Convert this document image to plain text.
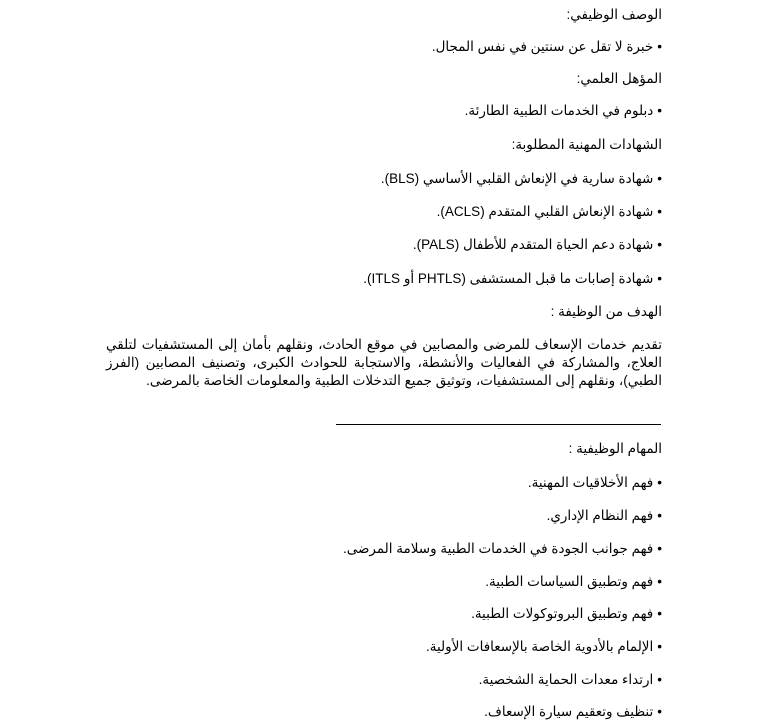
الوصف الوظيفي:
•خبرة لا تقل عن سنتين في نفس المجال.
المؤهل العلمي:
•دبلوم في الخدمات الطبية الطارئة.
الشهادات المهنية المطلوبة:
•شهادة سارية في الإنعاش القلبي الأساسي (BLS).
•شهادة الإنعاش القلبي المتقدم (ACLS).
•شهادة دعم الحياة المتقدم للأطفال (PALS).
•شهادة إصابات ما قبل المستشفى (PHTLS أو ITLS).
الهدف من الوظيفة :
تقديم خدمات الإسعاف للمرضى والمصابين في موقع الحادث، ونقلهم بأمان إلى المستشفيات لتلقي العلاج، والمشاركة في الفعاليات والأنشطة، والاستجابة للحوادث الكبرى، وتصنيف المصابين (الفرز الطبي)، ونقلهم إلى المستشفيات، وتوثيق جميع التدخلات الطبية والمعلومات الخاصة بالمرضى.
المهام الوظيفية :
•فهم الأخلاقيات المهنية.
•فهم النظام الإداري.
•فهم جوانب الجودة في الخدمات الطبية وسلامة المرضى.
•فهم وتطبيق السياسات الطبية.
•فهم وتطبيق البروتوكولات الطبية.
•الإلمام بالأدوية الخاصة بالإسعافات الأولية.
•ارتداء معدات الحماية الشخصية.
•تنظيف وتعقيم سيارة الإسعاف.
